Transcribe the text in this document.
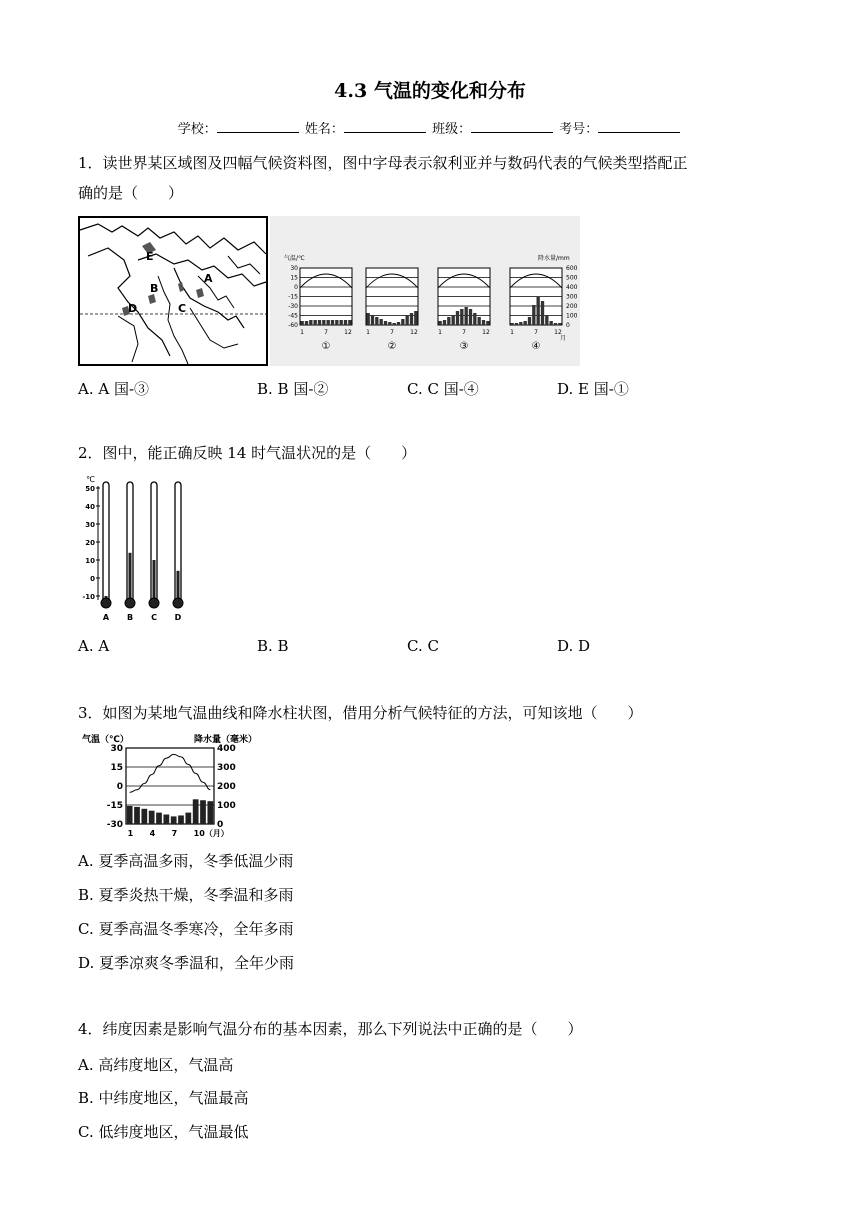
4.3 气温的变化和分布
学校：	姓名：	班级：	考号：
1．读世界某区域图及四幅气候资料图，图中字母表示叙利亚并与数码代表的气候类型搭配正
确的是（　　）
E
A
B
D	C
气温/℃	降水量/mm
30
15
0
-15
-30
-45
-60
600
500
400
300
200
100
0
1	7	12
①
1	7	12
②
1	7	12
③
1	7	12
④
月
A. A 国-③	B. B 国-②	C. C 国-④	D. E 国-①
2．图中，能正确反映 14 时气温状况的是（　　）
℃
50
40
30
20
10
0
-10
A B C D
A. A	B. B	C. C	D. D
3．如图为某地气温曲线和降水柱状图，借用分析气候特征的方法，可知该地（　　）
气温（℃）	降水量（毫米）
30	400
15	300
0	200
-15	100
-30	0
1 4 7 10（月）
A. 夏季高温多雨，冬季低温少雨
B. 夏季炎热干燥，冬季温和多雨
C. 夏季高温冬季寒冷，全年多雨
D. 夏季凉爽冬季温和，全年少雨
4．纬度因素是影响气温分布的基本因素，那么下列说法中正确的是（　　）
A. 高纬度地区，气温高
B. 中纬度地区，气温最高
C. 低纬度地区，气温最低
